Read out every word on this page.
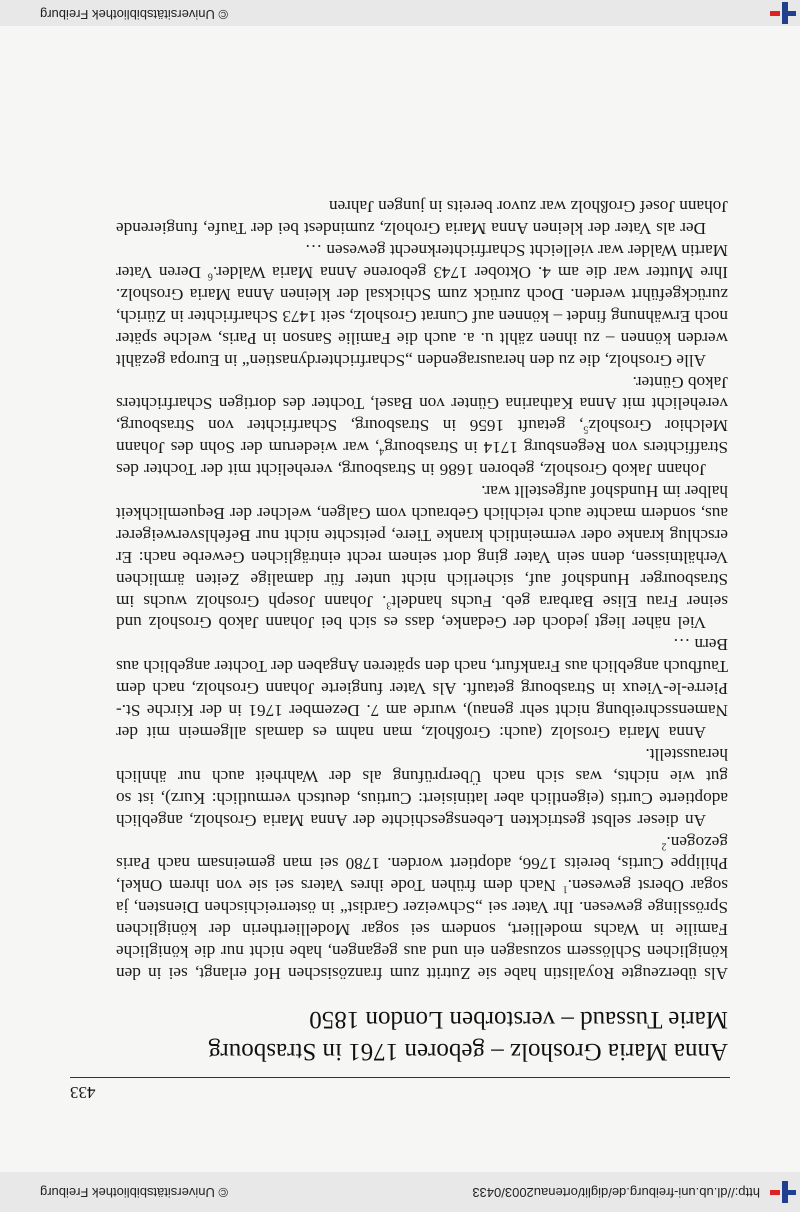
© Universitätsbibliothek Freiburg	http://dl.ub.uni-freiburg.de/diglit/ortenau2003/0433
433
Anna Maria Grosholz – geboren 1761 in Strasbourg
Marie Tussaud – verstorben London 1850

Als überzeugte Royalistin habe sie Zutritt zum französischen Hof erlangt, sei in den königlichen Schlössern sozusagen ein und aus gegangen, habe nicht nur die königliche Familie in Wachs modelliert, sondern sei sogar Modelliertherin der königlichen Sprösslinge gewesen. Ihr Vater sei „Schweizer Gardist“ in österreichischen Diensten, ja sogar Oberst gewesen.$^1$ Nach dem frühen Tode ihres Vaters sei sie von ihrem Onkel, Philippe Curtis, bereits 1766, adoptiert worden. 1780 sei man gemeinsam nach Paris gezogen.$^2$

An dieser selbst gestrickten Lebensgeschichte der Anna Maria Grosholz, angeblich adoptierte Curtis (eigentlich aber latinisiert: Curtius, deutsch vermutlich: Kurz), ist so gut wie nichts, was sich nach Überprüfung als der Wahrheit auch nur ähnlich herausstellt.

Anna Maria Groslolz (auch: Großholz, man nahm es damals allgemein mit der Namensschreibung nicht sehr genau), wurde am 7. Dezember 1761 in der Kirche St.-Pierre-le-Vieux in Strasbourg getauft. Als Vater fungierte Johann Grosholz, nach dem Taufbuch angeblich aus Frankfurt, nach den späteren Angaben der Tochter angeblich aus Bern …

Viel näher liegt jedoch der Gedanke, dass es sich bei Johann Jakob Grosholz und seiner Frau Elise Barbara geb. Fuchs handelt$^3$. Johann Joseph Grosholz wuchs im Strasbourger Hundshof auf, sicherlich nicht unter für damalige Zeiten ärmlichen Verhältnissen, denn sein Vater ging dort seinem recht einträglichen Gewerbe nach: Er erschlug kranke oder vermeintlich kranke Tiere, peitschte nicht nur Befehlsverweigerer aus, sondern machte auch reichlich Gebrauch vom Galgen, welcher der Bequemlichkeit halber im Hundshof aufgestellt war.

Johann Jakob Grosholz, geboren 1686 in Strasbourg, verehelicht mit der Tochter des Straffichters von Regensburg 1714 in Strasbourg$^4$, war wiederum der Sohn des Johann Melchior Grosholz$^5$, getauft 1656 in Strasbourg, Scharfrichter von Strasbourg, verehelicht mit Anna Katharina Günter von Basel, Tochter des dortigen Scharfrichters Jakob Günter.

Alle Grosholz, die zu den herausragenden „Scharfrichterdynastien“ in Europa gezählt werden können – zu ihnen zählt u. a. auch die Familie Sanson in Paris, welche später noch Erwähnung findet – können auf Cunrat Grosholz, seit 1473 Scharfrichter in Zürich, zurückgeführt werden. Doch zurück zum Schicksal der kleinen Anna Maria Grosholz. Ihre Mutter war die am 4. Oktober 1743 geborene Anna Maria Walder.$^6$ Deren Vater Martin Walder war vielleicht Scharfrichterknecht gewesen …

Der als Vater der kleinen Anna Maria Groholz, zumindest bei der Taufe, fungierende Johann Josef Großholz war zuvor bereits in jungen Jahren

© Universitätsbibliothek Freiburg
